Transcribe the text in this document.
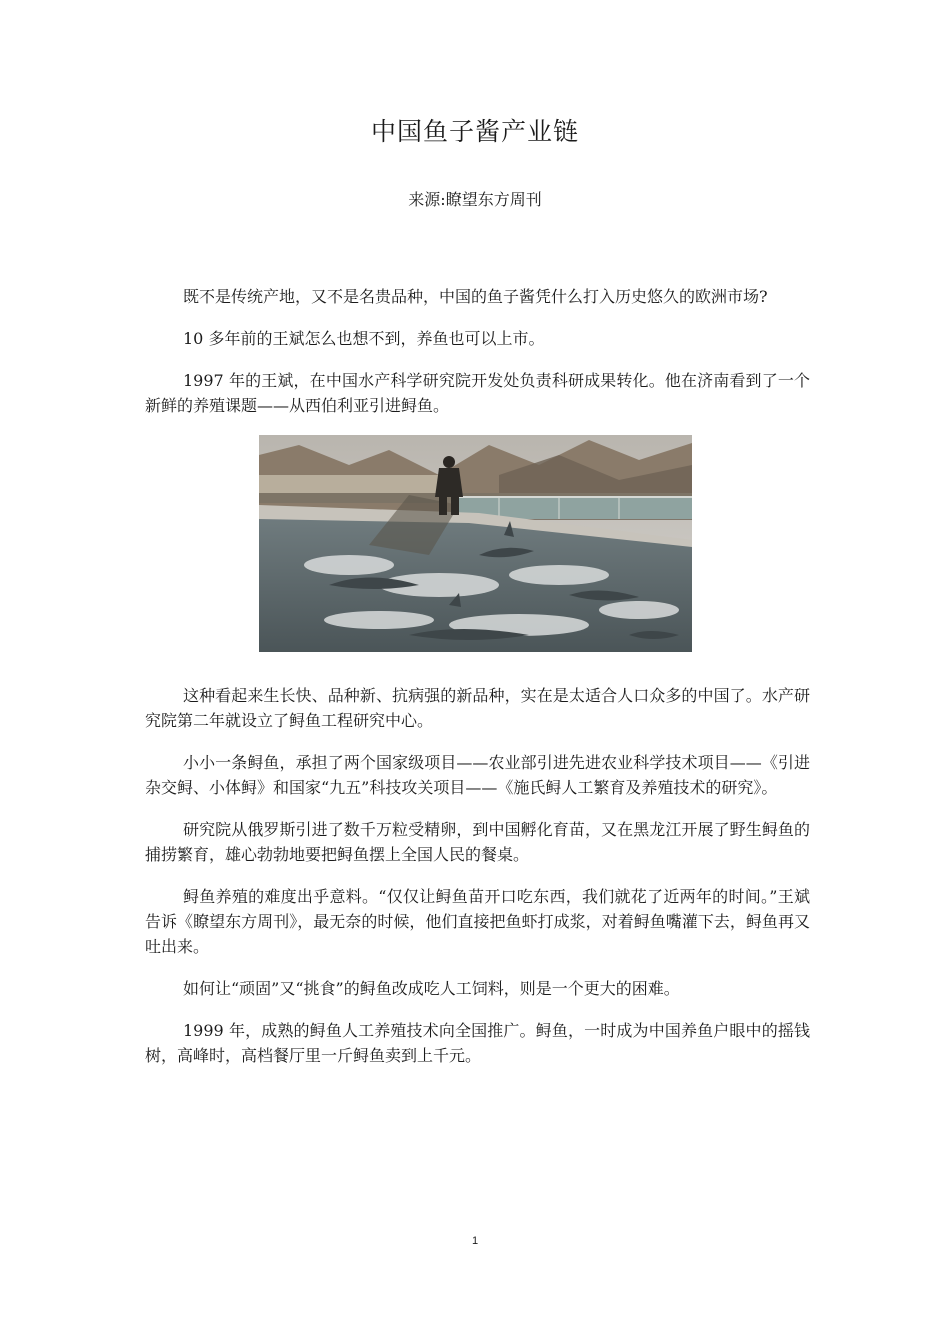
中国鱼子酱产业链

来源:瞭望东方周刊

既不是传统产地，又不是名贵品种，中国的鱼子酱凭什么打入历史悠久的欧洲市场?

10 多年前的王斌怎么也想不到，养鱼也可以上市。

1997 年的王斌，在中国水产科学研究院开发处负责科研成果转化。他在济南看到了一个新鲜的养殖课题——从西伯利亚引进鲟鱼。

这种看起来生长快、品种新、抗病强的新品种，实在是太适合人口众多的中国了。水产研究院第二年就设立了鲟鱼工程研究中心。

小小一条鲟鱼，承担了两个国家级项目——农业部引进先进农业科学技术项目——《引进杂交鲟、小体鲟》和国家“九五”科技攻关项目——《施氏鲟人工繁育及养殖技术的研究》。

研究院从俄罗斯引进了数千万粒受精卵，到中国孵化育苗，又在黑龙江开展了野生鲟鱼的捕捞繁育，雄心勃勃地要把鲟鱼摆上全国人民的餐桌。

鲟鱼养殖的难度出乎意料。“仅仅让鲟鱼苗开口吃东西，我们就花了近两年的时间。”王斌告诉《瞭望东方周刊》，最无奈的时候，他们直接把鱼虾打成浆，对着鲟鱼嘴灌下去，鲟鱼再又吐出来。

如何让“顽固”又“挑食”的鲟鱼改成吃人工饲料，则是一个更大的困难。

1999 年，成熟的鲟鱼人工养殖技术向全国推广。鲟鱼，一时成为中国养鱼户眼中的摇钱树，高峰时，高档餐厅里一斤鲟鱼卖到上千元。

1
